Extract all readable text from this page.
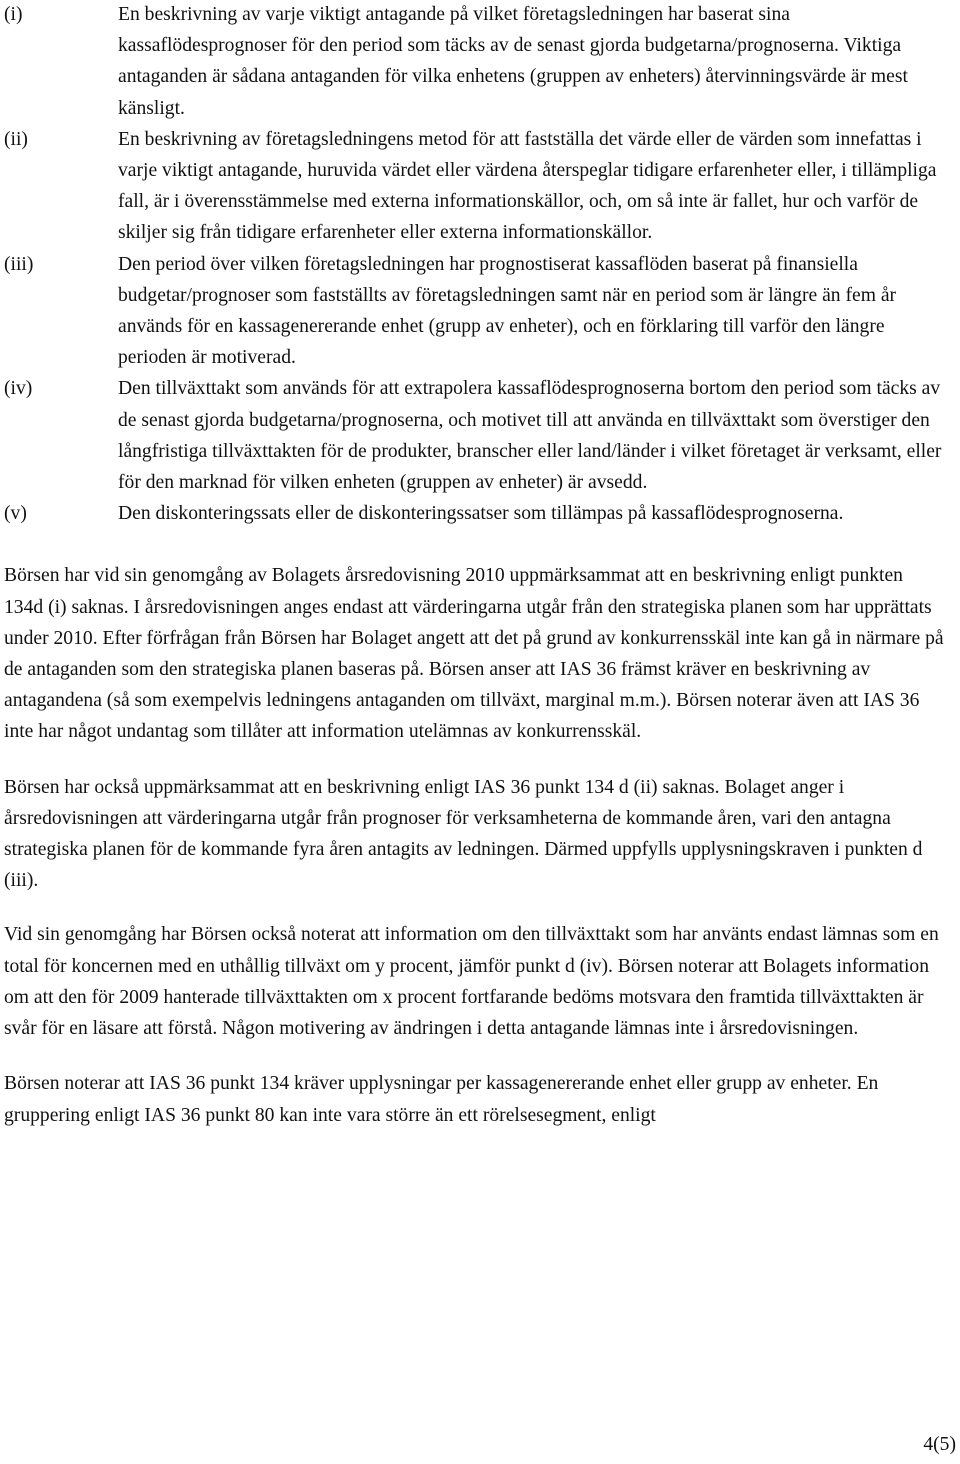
(i)	En beskrivning av varje viktigt antagande på vilket företagsledningen har baserat sina kassaflödesprognoser för den period som täcks av de senast gjorda budgetarna/prognoserna. Viktiga antaganden är sådana antaganden för vilka enhetens (gruppen av enheters) återvinningsvärde är mest känsligt.
(ii)	En beskrivning av företagsledningens metod för att fastställa det värde eller de värden som innefattas i varje viktigt antagande, huruvida värdet eller värdena återspeglar tidigare erfarenheter eller, i tillämpliga fall, är i överensstämmelse med externa informationskällor, och, om så inte är fallet, hur och varför de skiljer sig från tidigare erfarenheter eller externa informationskällor.
(iii)	Den period över vilken företagsledningen har prognostiserat kassaflöden baserat på finansiella budgetar/prognoser som fastställts av företagsledningen samt när en period som är längre än fem år används för en kassagenererande enhet (grupp av enheter), och en förklaring till varför den längre perioden är motiverad.
(iv)	Den tillväxttakt som används för att extrapolera kassaflödesprognoserna bortom den period som täcks av de senast gjorda budgetarna/prognoserna, och motivet till att använda en tillväxttakt som överstiger den långfristiga tillväxttakten för de produkter, branscher eller land/länder i vilket företaget är verksamt, eller för den marknad för vilken enheten (gruppen av enheter) är avsedd.
(v)	Den diskonteringssats eller de diskonteringssatser som tillämpas på kassaflödesprognoserna.

Börsen har vid sin genomgång av Bolagets årsredovisning 2010 uppmärksammat att en beskrivning enligt punkten 134d (i) saknas. I årsredovisningen anges endast att värderingarna utgår från den strategiska planen som har upprättats under 2010. Efter förfrågan från Börsen har Bolaget angett att det på grund av konkurrensskäl inte kan gå in närmare på de antaganden som den strategiska planen baseras på. Börsen anser att IAS 36 främst kräver en beskrivning av antagandena (så som exempelvis ledningens antaganden om tillväxt, marginal m.m.). Börsen noterar även att IAS 36 inte har något undantag som tillåter att information utelämnas av konkurrensskäl.

Börsen har också uppmärksammat att en beskrivning enligt IAS 36 punkt 134 d (ii) saknas. Bolaget anger i årsredovisningen att värderingarna utgår från prognoser för verksamheterna de kommande åren, vari den antagna strategiska planen för de kommande fyra åren antagits av ledningen. Därmed uppfylls upplysningskraven i punkten d (iii).

Vid sin genomgång har Börsen också noterat att information om den tillväxttakt som har använts endast lämnas som en total för koncernen med en uthållig tillväxt om y procent, jämför punkt d (iv). Börsen noterar att Bolagets information om att den för 2009 hanterade tillväxttakten om x procent fortfarande bedöms motsvara den framtida tillväxttakten är svår för en läsare att förstå. Någon motivering av ändringen i detta antagande lämnas inte i årsredovisningen.

Börsen noterar att IAS 36 punkt 134 kräver upplysningar per kassagenererande enhet eller grupp av enheter. En gruppering enligt IAS 36 punkt 80 kan inte vara större än ett rörelsesegment, enligt

4(5)
